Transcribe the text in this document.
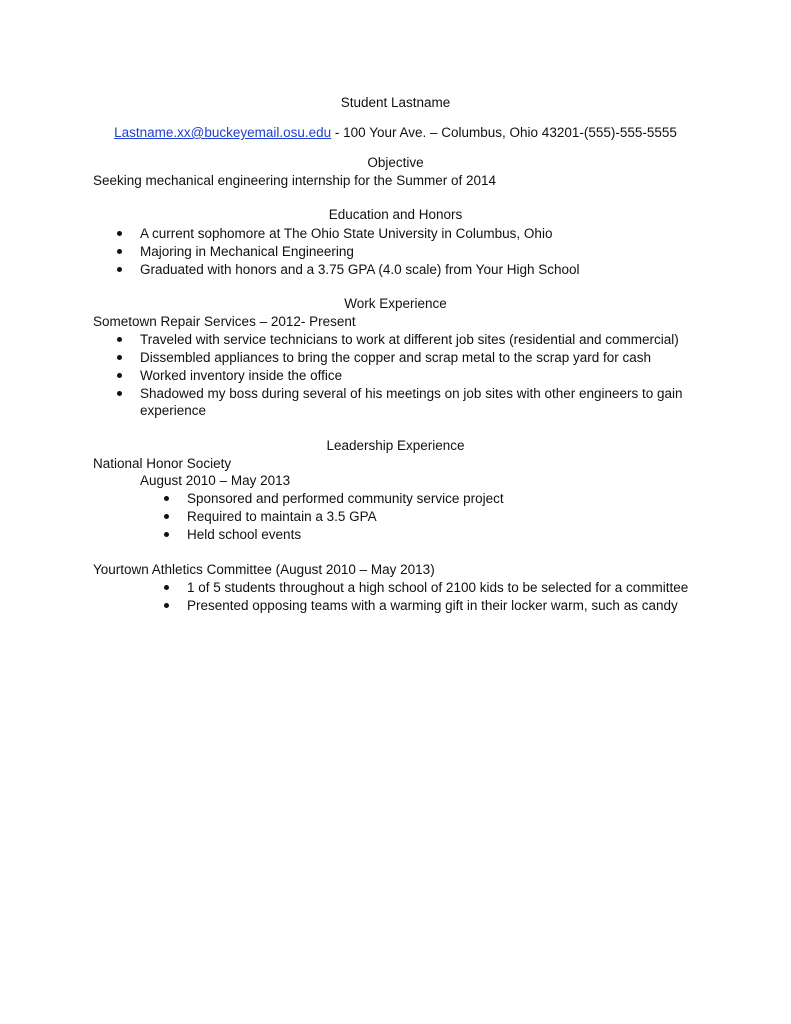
Student Lastname
Lastname.xx@buckeyemail.osu.edu - 100 Your Ave. – Columbus, Ohio 43201-(555)-555-5555
Objective
Seeking mechanical engineering internship for the Summer of 2014
Education and Honors
A current sophomore at The Ohio State University in Columbus, Ohio
Majoring in Mechanical Engineering
Graduated with honors and a 3.75 GPA (4.0 scale) from Your High School
Work Experience
Sometown Repair Services – 2012- Present
Traveled with service technicians to work at different job sites (residential and commercial)
Dissembled appliances to bring the copper and scrap metal to the scrap yard for cash
Worked inventory inside the office
Shadowed my boss during several of his meetings on job sites with other engineers to gain
experience
Leadership Experience
National Honor Society
August 2010 – May 2013
Sponsored and performed community service project
Required to maintain a 3.5 GPA
Held school events
Yourtown Athletics Committee (August 2010 – May 2013)
1 of 5 students throughout a high school of 2100 kids to be selected for a committee
Presented opposing teams with a warming gift in their locker warm, such as candy
